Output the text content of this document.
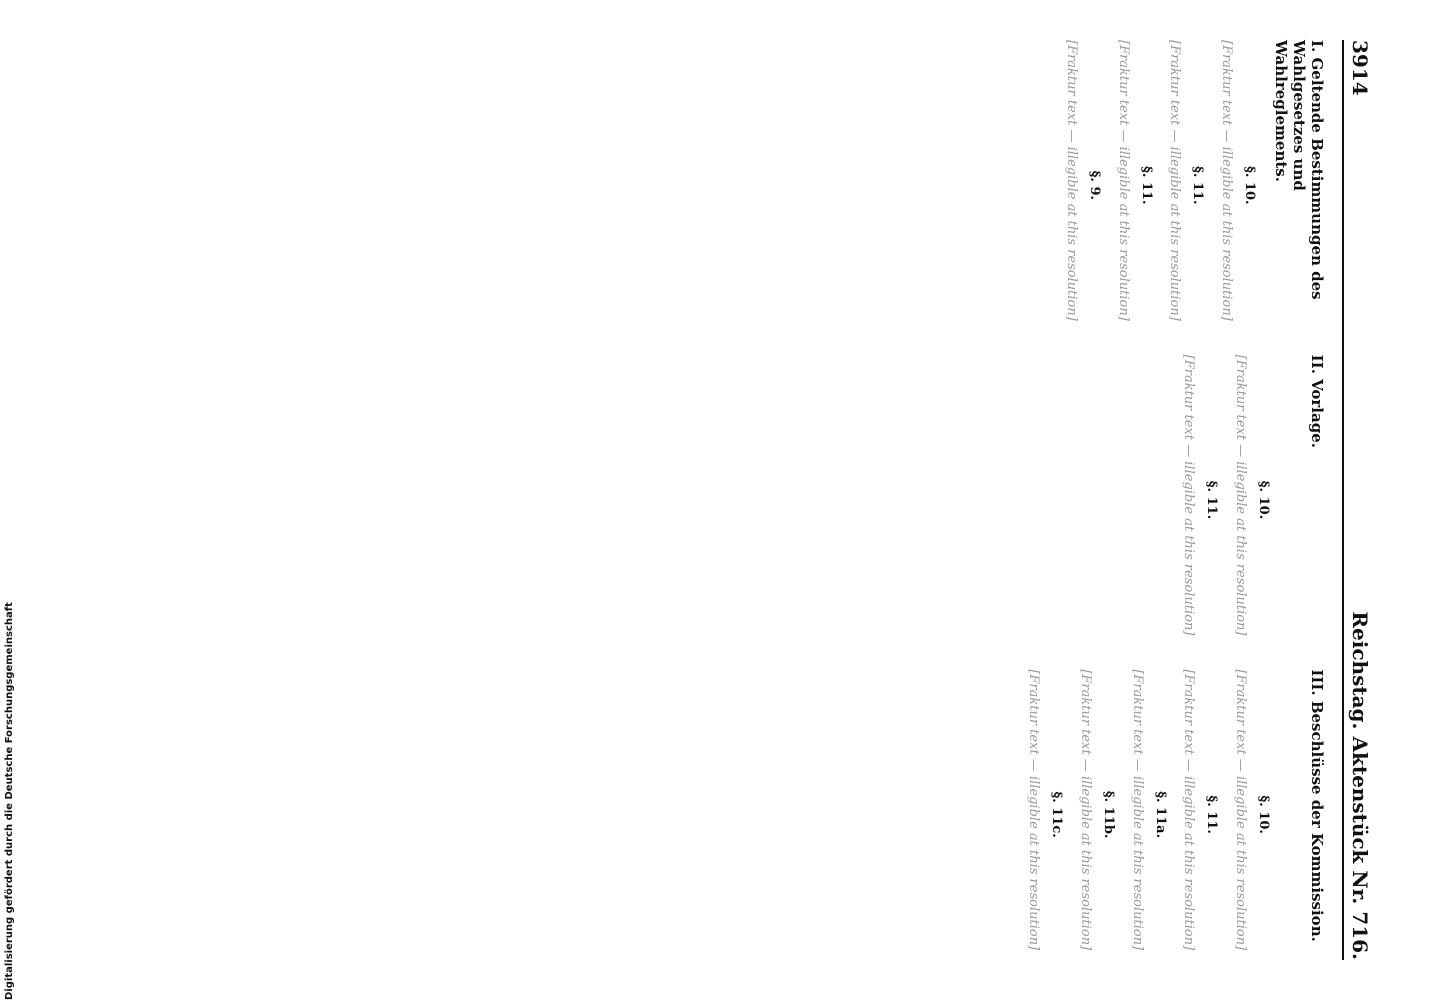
Digitalisierung gefördert durch die Deutsche Forschungsgemeinschaft
3914
Reichstag. Aktenstück Nr. 716.
I. Geltende Bestimmungen des Wahlgesetzes und Wahlreglements.
§. 10.
[Fraktur text — illegible at this resolution]
§. 11.
[Fraktur text — illegible at this resolution]
§. 11.
[Fraktur text — illegible at this resolution]
§. 9.
[Fraktur text — illegible at this resolution]
II. Vorlage.
§. 10.
[Fraktur text — illegible at this resolution]
§. 11.
[Fraktur text — illegible at this resolution]
III. Beschlüsse der Kommission.
§. 10.
[Fraktur text — illegible at this resolution]
§. 11.
[Fraktur text — illegible at this resolution]
§. 11a.
[Fraktur text — illegible at this resolution]
§. 11b.
[Fraktur text — illegible at this resolution]
§. 11c.
[Fraktur text — illegible at this resolution]
